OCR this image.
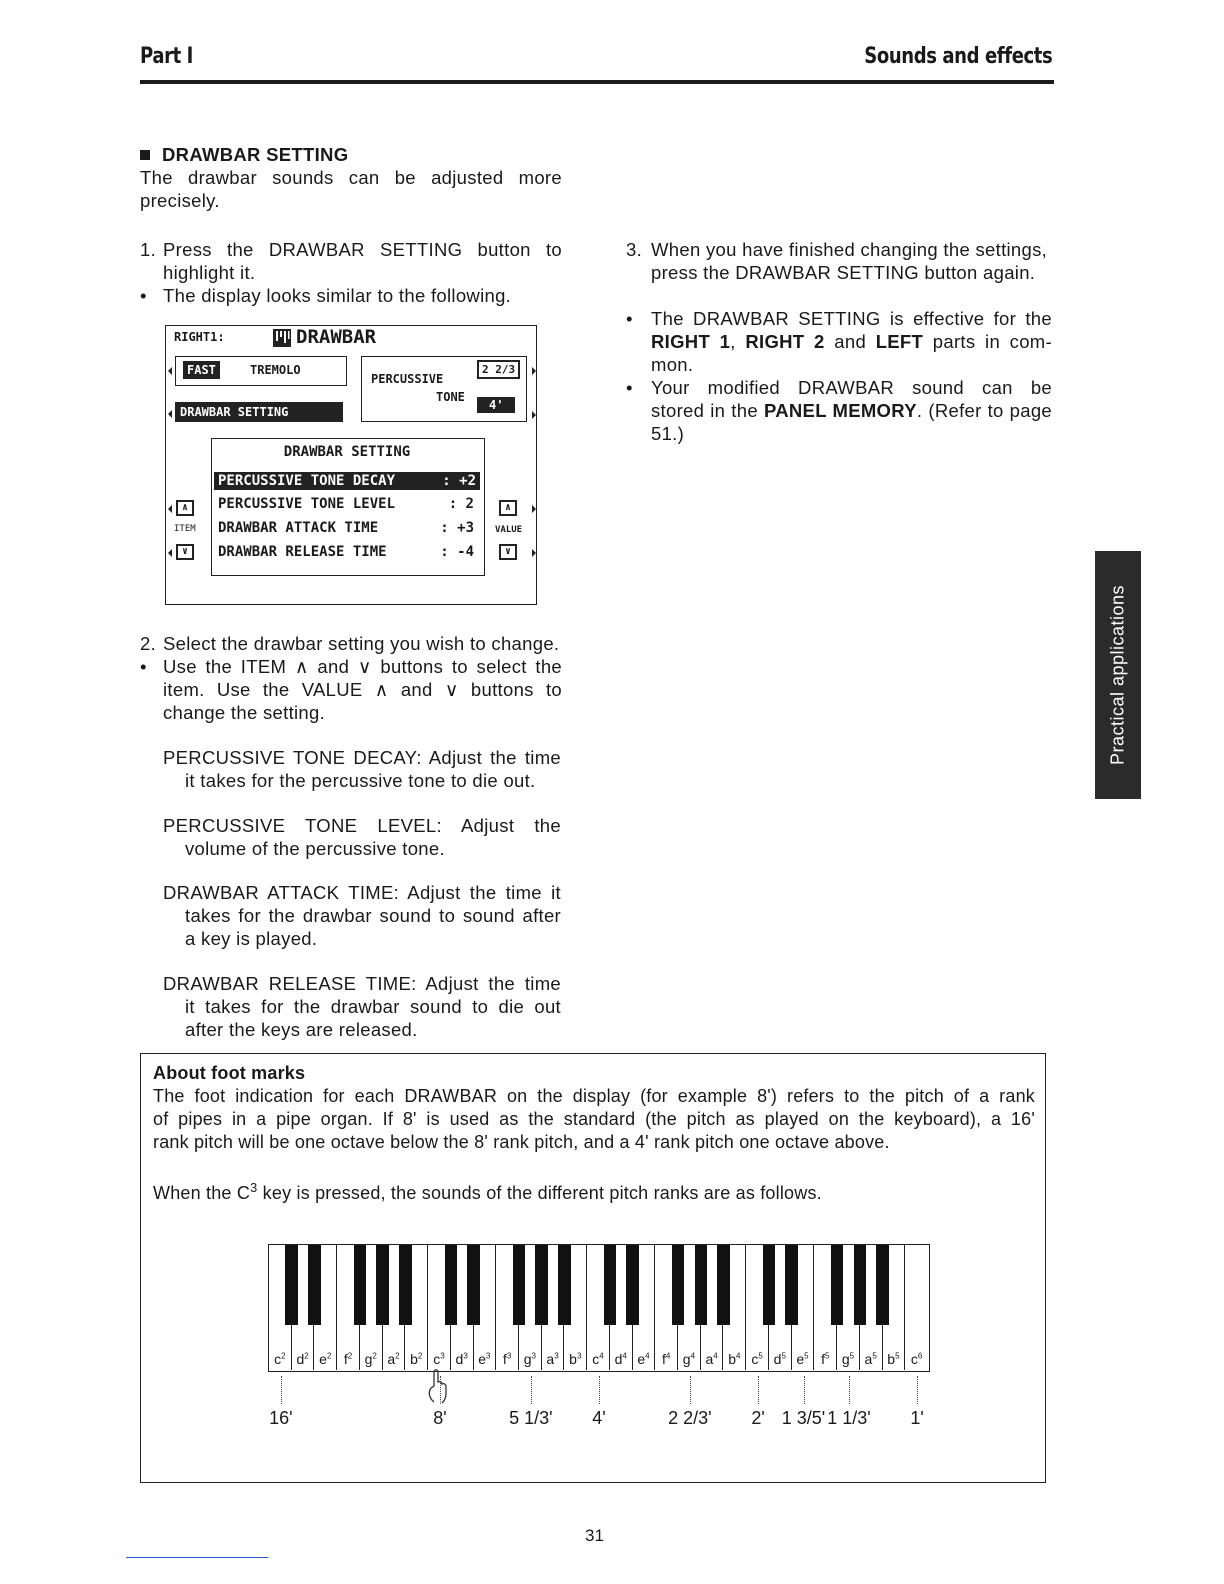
Part I	Sounds and effects
DRAWBAR SETTING
The drawbar sounds can be adjusted more
precisely.
1. Press the DRAWBAR SETTING button to
highlight it.
• The display looks similar to the following.
RIGHT1:	DRAWBAR
FAST	TREMOLO
PERCUSSIVE
2 2/3
TONE
4'
DRAWBAR SETTING
DRAWBAR SETTING
PERCUSSIVE TONE DECAY	: +2
PERCUSSIVE TONE LEVEL	: 2
DRAWBAR ATTACK TIME	: +3
DRAWBAR RELEASE TIME	: -4
∧
ITEM
∨
∧
VALUE
∨
2. Select the drawbar setting you wish to change.
• Use the ITEM ∧ and ∨ buttons to select the
item. Use the VALUE ∧ and ∨ buttons to
change the setting.
PERCUSSIVE TONE DECAY: Adjust the time
it takes for the percussive tone to die out.
PERCUSSIVE TONE LEVEL: Adjust the
volume of the percussive tone.
DRAWBAR ATTACK TIME: Adjust the time it
takes for the drawbar sound to sound after
a key is played.
DRAWBAR RELEASE TIME: Adjust the time
it takes for the drawbar sound to die out
after the keys are released.
3. When you have finished changing the settings,
press the DRAWBAR SETTING button again.
• The DRAWBAR SETTING is effective for the
RIGHT 1, RIGHT 2 and LEFT parts in com-
mon.
• Your modified DRAWBAR sound can be
stored in the PANEL MEMORY. (Refer to page
51.)
Practical applications
About foot marks
The foot indication for each DRAWBAR on the display (for example 8') refers to the pitch of a rank
of pipes in a pipe organ. If 8' is used as the standard (the pitch as played on the keyboard), a 16'
rank pitch will be one octave below the 8' rank pitch, and a 4' rank pitch one octave above.
When the $C^3$ key is pressed, the sounds of the different pitch ranks are as follows.
$c^2$ $d^2$ $e^2$ $f^2$ $g^2$ $a^2$ $b^2$ $c^3$ $d^3$ $e^3$ $f^3$ $g^3$ $a^3$ $b^3$ $c^4$ $d^4$ $e^4$ $f^4$ $g^4$ $a^4$ $b^4$ $c^5$ $d^5$ $e^5$ $f^5$ $g^5$ $a^5$ $b^5$ $c^6$
16'	8'	5 1/3' 4'	2 2/3' 2' 1 3/5' 1 1/3' 1'
31
